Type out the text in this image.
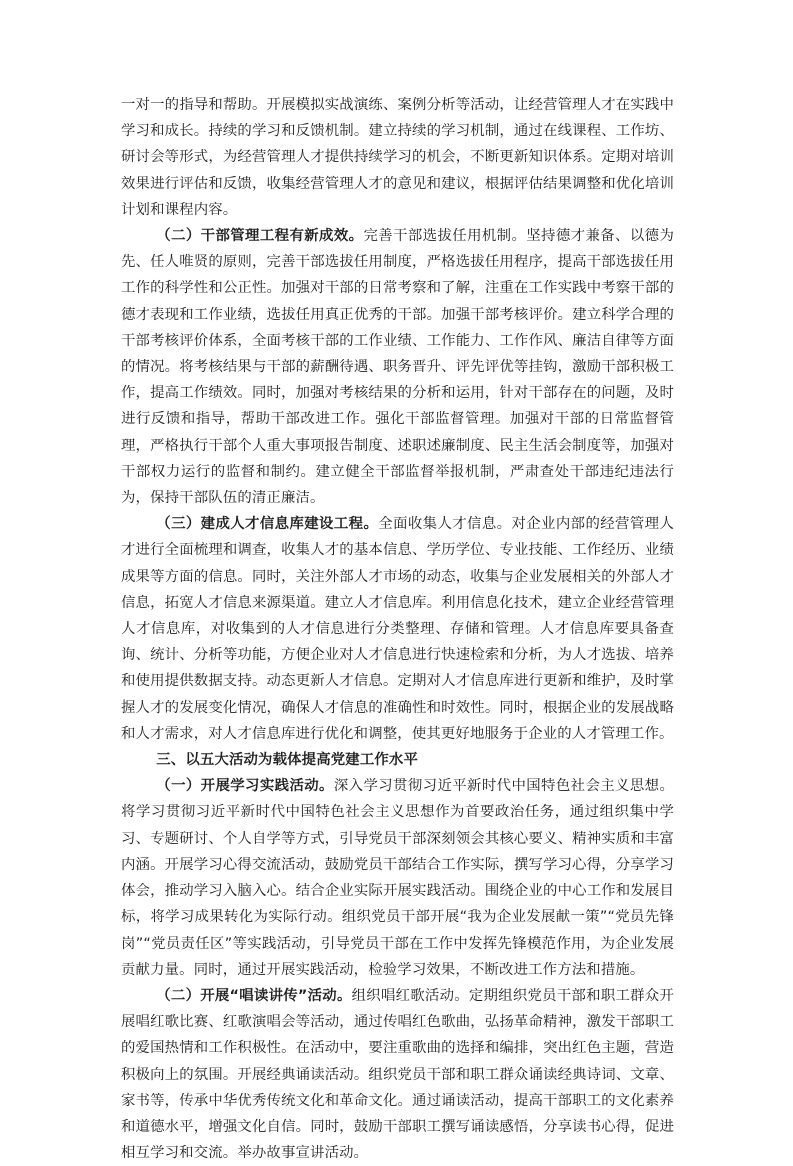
一对一的指导和帮助。开展模拟实战演练、案例分析等活动，让经营管理人才在实践中学习和成长。持续的学习和反馈机制。建立持续的学习机制，通过在线课程、工作坊、研讨会等形式，为经营管理人才提供持续学习的机会，不断更新知识体系。定期对培训效果进行评估和反馈，收集经营管理人才的意见和建议，根据评估结果调整和优化培训计划和课程内容。

（二）干部管理工程有新成效。完善干部选拔任用机制。坚持德才兼备、以德为先、任人唯贤的原则，完善干部选拔任用制度，严格选拔任用程序，提高干部选拔任用工作的科学性和公正性。加强对干部的日常考察和了解，注重在工作实践中考察干部的德才表现和工作业绩，选拔任用真正优秀的干部。加强干部考核评价。建立科学合理的干部考核评价体系，全面考核干部的工作业绩、工作能力、工作作风、廉洁自律等方面的情况。将考核结果与干部的薪酬待遇、职务晋升、评先评优等挂钩，激励干部积极工作，提高工作绩效。同时，加强对考核结果的分析和运用，针对干部存在的问题，及时进行反馈和指导，帮助干部改进工作。强化干部监督管理。加强对干部的日常监督管理，严格执行干部个人重大事项报告制度、述职述廉制度、民主生活会制度等，加强对干部权力运行的监督和制约。建立健全干部监督举报机制，严肃查处干部违纪违法行为，保持干部队伍的清正廉洁。

（三）建成人才信息库建设工程。全面收集人才信息。对企业内部的经营管理人才进行全面梳理和调查，收集人才的基本信息、学历学位、专业技能、工作经历、业绩成果等方面的信息。同时，关注外部人才市场的动态，收集与企业发展相关的外部人才信息，拓宽人才信息来源渠道。建立人才信息库。利用信息化技术，建立企业经营管理人才信息库，对收集到的人才信息进行分类整理、存储和管理。人才信息库要具备查询、统计、分析等功能，方便企业对人才信息进行快速检索和分析，为人才选拔、培养和使用提供数据支持。动态更新人才信息。定期对人才信息库进行更新和维护，及时掌握人才的发展变化情况，确保人才信息的准确性和时效性。同时，根据企业的发展战略和人才需求，对人才信息库进行优化和调整，使其更好地服务于企业的人才管理工作。

三、以五大活动为载体提高党建工作水平

（一）开展学习实践活动。深入学习贯彻习近平新时代中国特色社会主义思想。将学习贯彻习近平新时代中国特色社会主义思想作为首要政治任务，通过组织集中学习、专题研讨、个人自学等方式，引导党员干部深刻领会其核心要义、精神实质和丰富内涵。开展学习心得交流活动，鼓励党员干部结合工作实际，撰写学习心得，分享学习体会，推动学习入脑入心。结合企业实际开展实践活动。围绕企业的中心工作和发展目标，将学习成果转化为实际行动。组织党员干部开展“我为企业发展献一策”“党员先锋岗”“党员责任区”等实践活动，引导党员干部在工作中发挥先锋模范作用，为企业发展贡献力量。同时，通过开展实践活动，检验学习效果，不断改进工作方法和措施。

（二）开展“唱读讲传”活动。组织唱红歌活动。定期组织党员干部和职工群众开展唱红歌比赛、红歌演唱会等活动，通过传唱红色歌曲，弘扬革命精神，激发干部职工的爱国热情和工作积极性。在活动中，要注重歌曲的选择和编排，突出红色主题，营造积极向上的氛围。开展经典诵读活动。组织党员干部和职工群众诵读经典诗词、文章、家书等，传承中华优秀传统文化和革命文化。通过诵读活动，提高干部职工的文化素养和道德水平，增强文化自信。同时，鼓励干部职工撰写诵读感悟，分享读书心得，促进相互学习和交流。举办故事宣讲活动。
